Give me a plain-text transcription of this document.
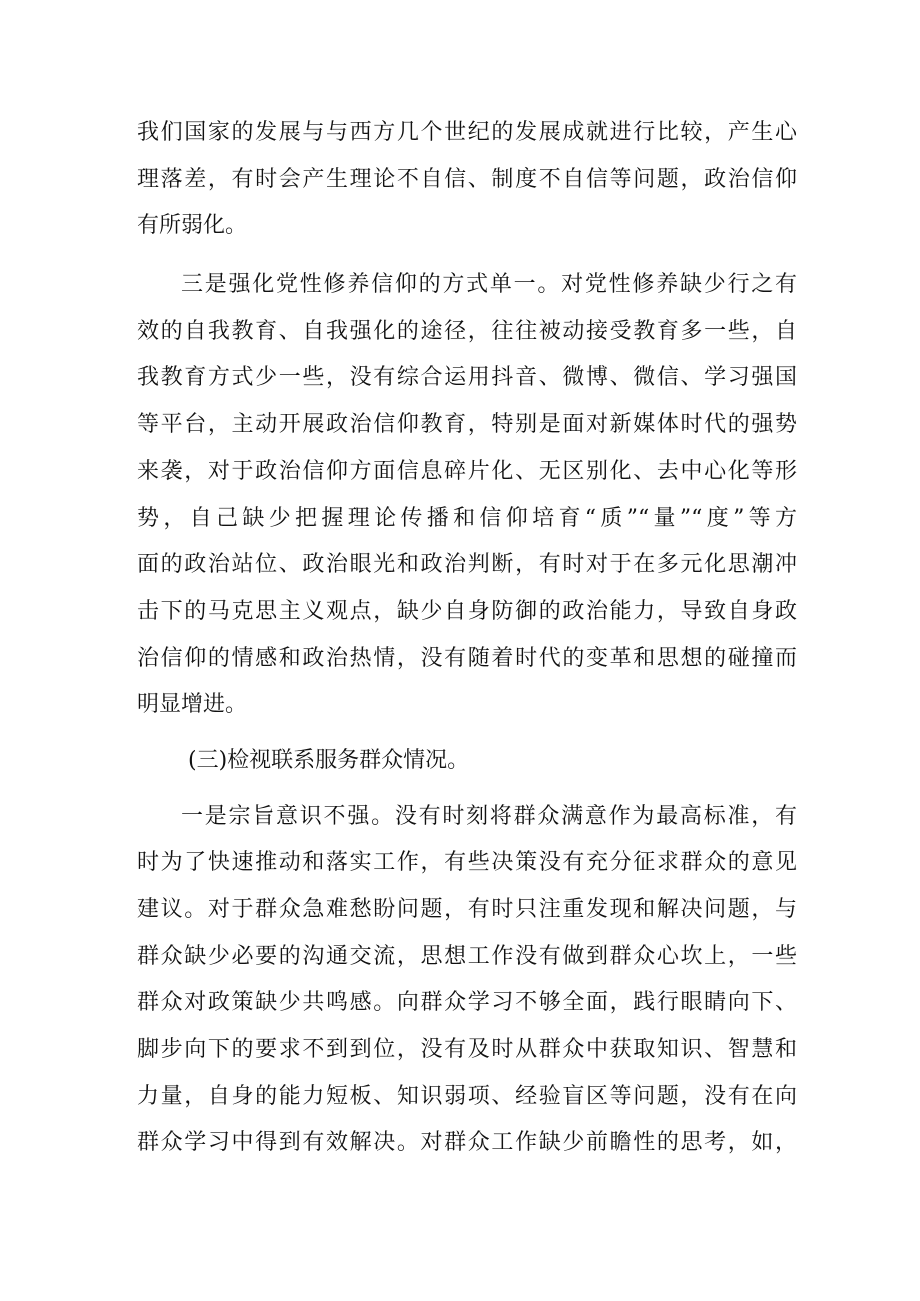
我们国家的发展与与西方几个世纪的发展成就进行比较，产生心
理落差，有时会产生理论不自信、制度不自信等问题，政治信仰
有所弱化。
三是强化党性修养信仰的方式单一。对党性修养缺少行之有
效的自我教育、自我强化的途径，往往被动接受教育多一些，自
我教育方式少一些，没有综合运用抖音、微博、微信、学习强国
等平台，主动开展政治信仰教育，特别是面对新媒体时代的强势
来袭，对于政治信仰方面信息碎片化、无区别化、去中心化等形
势，自己缺少把握理论传播和信仰培育“质”“量”“度”等方
面的政治站位、政治眼光和政治判断，有时对于在多元化思潮冲
击下的马克思主义观点，缺少自身防御的政治能力，导致自身政
治信仰的情感和政治热情，没有随着时代的变革和思想的碰撞而
明显增进。
(三)检视联系服务群众情况。
一是宗旨意识不强。没有时刻将群众满意作为最高标准，有
时为了快速推动和落实工作，有些决策没有充分征求群众的意见
建议。对于群众急难愁盼问题，有时只注重发现和解决问题，与
群众缺少必要的沟通交流，思想工作没有做到群众心坎上，一些
群众对政策缺少共鸣感。向群众学习不够全面，践行眼睛向下、
脚步向下的要求不到到位，没有及时从群众中获取知识、智慧和
力量，自身的能力短板、知识弱项、经验盲区等问题，没有在向
群众学习中得到有效解决。对群众工作缺少前瞻性的思考，如，
